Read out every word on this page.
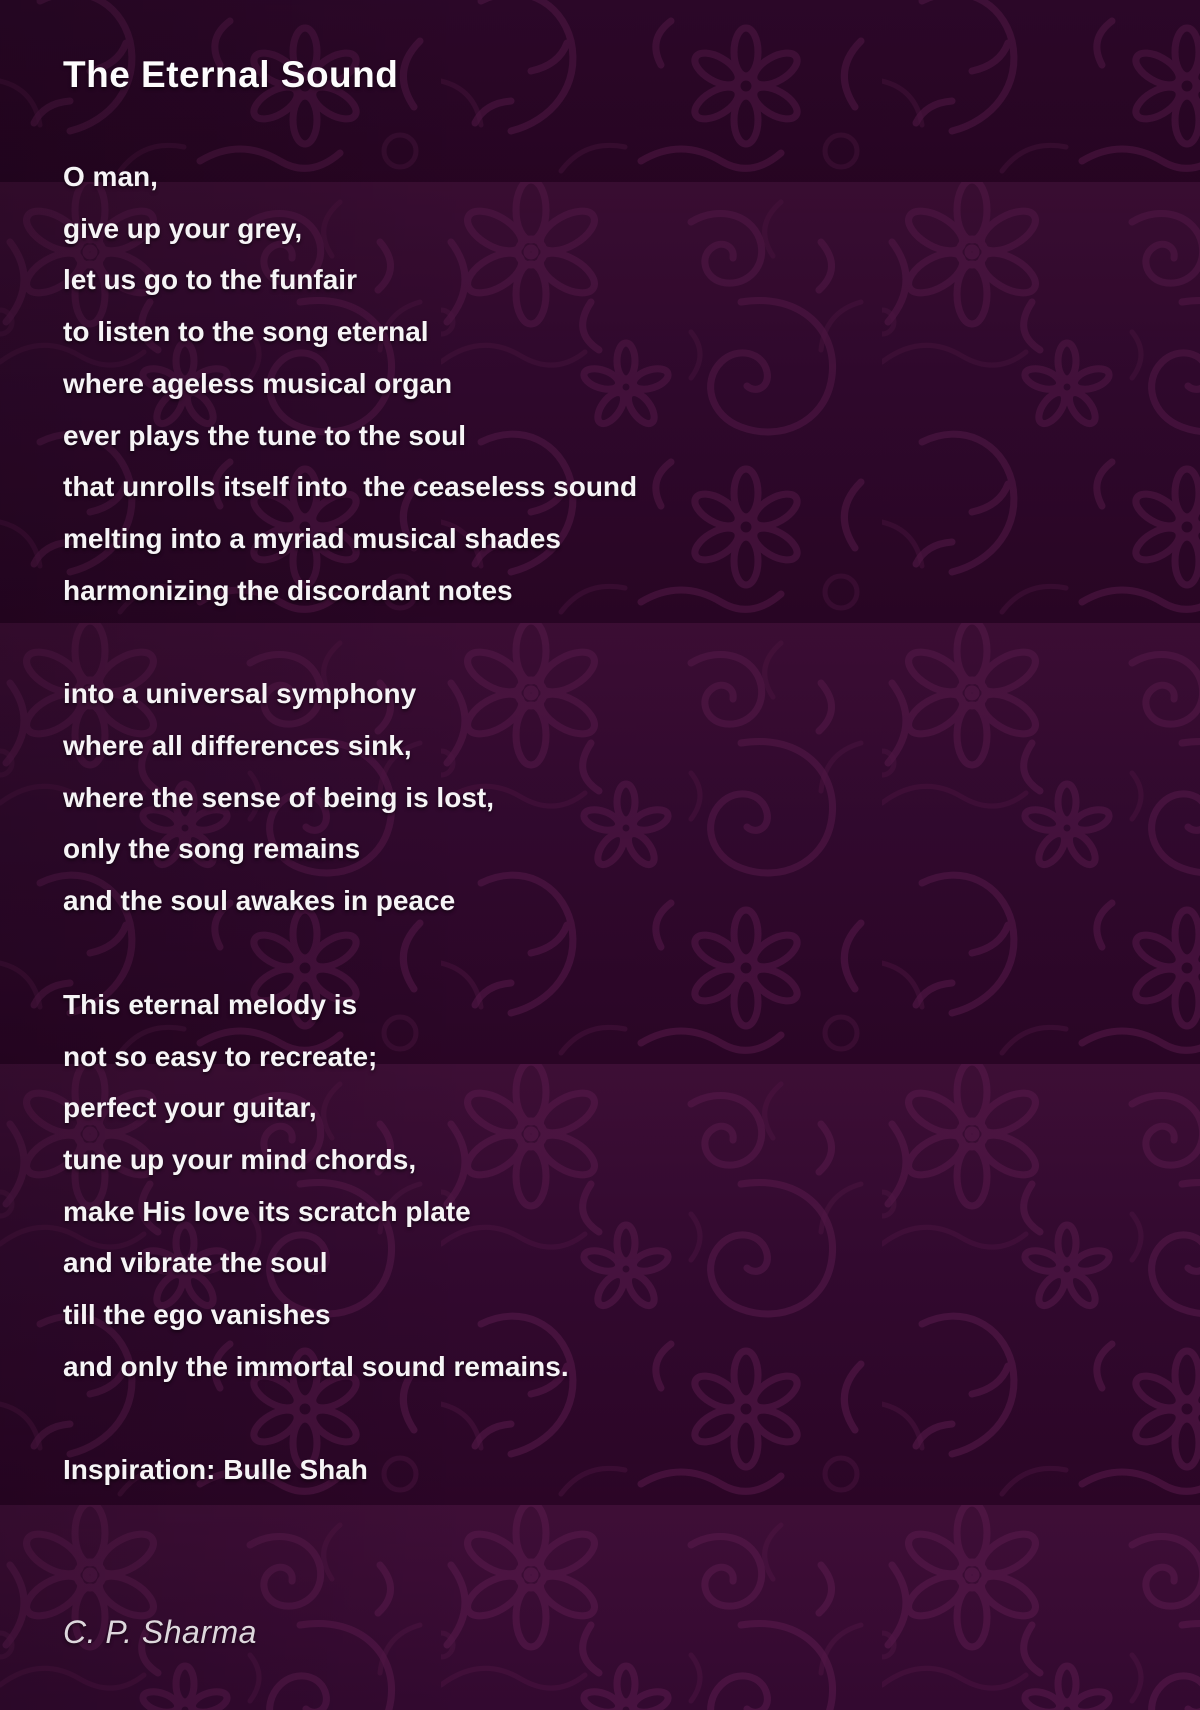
The Eternal Sound
O man,
give up your grey,
let us go to the funfair
to listen to the song eternal
where ageless musical organ
ever plays the tune to the soul
that unrolls itself into  the ceaseless sound
melting into a myriad musical shades
harmonizing the discordant notes
into a universal symphony
where all differences sink,
where the sense of being is lost,
only the song remains
and the soul awakes in peace
This eternal melody is
not so easy to recreate;
perfect your guitar,
tune up your mind chords,
make His love its scratch plate
and vibrate the soul
till the ego vanishes
and only the immortal sound remains.
Inspiration: Bulle Shah
C. P. Sharma
